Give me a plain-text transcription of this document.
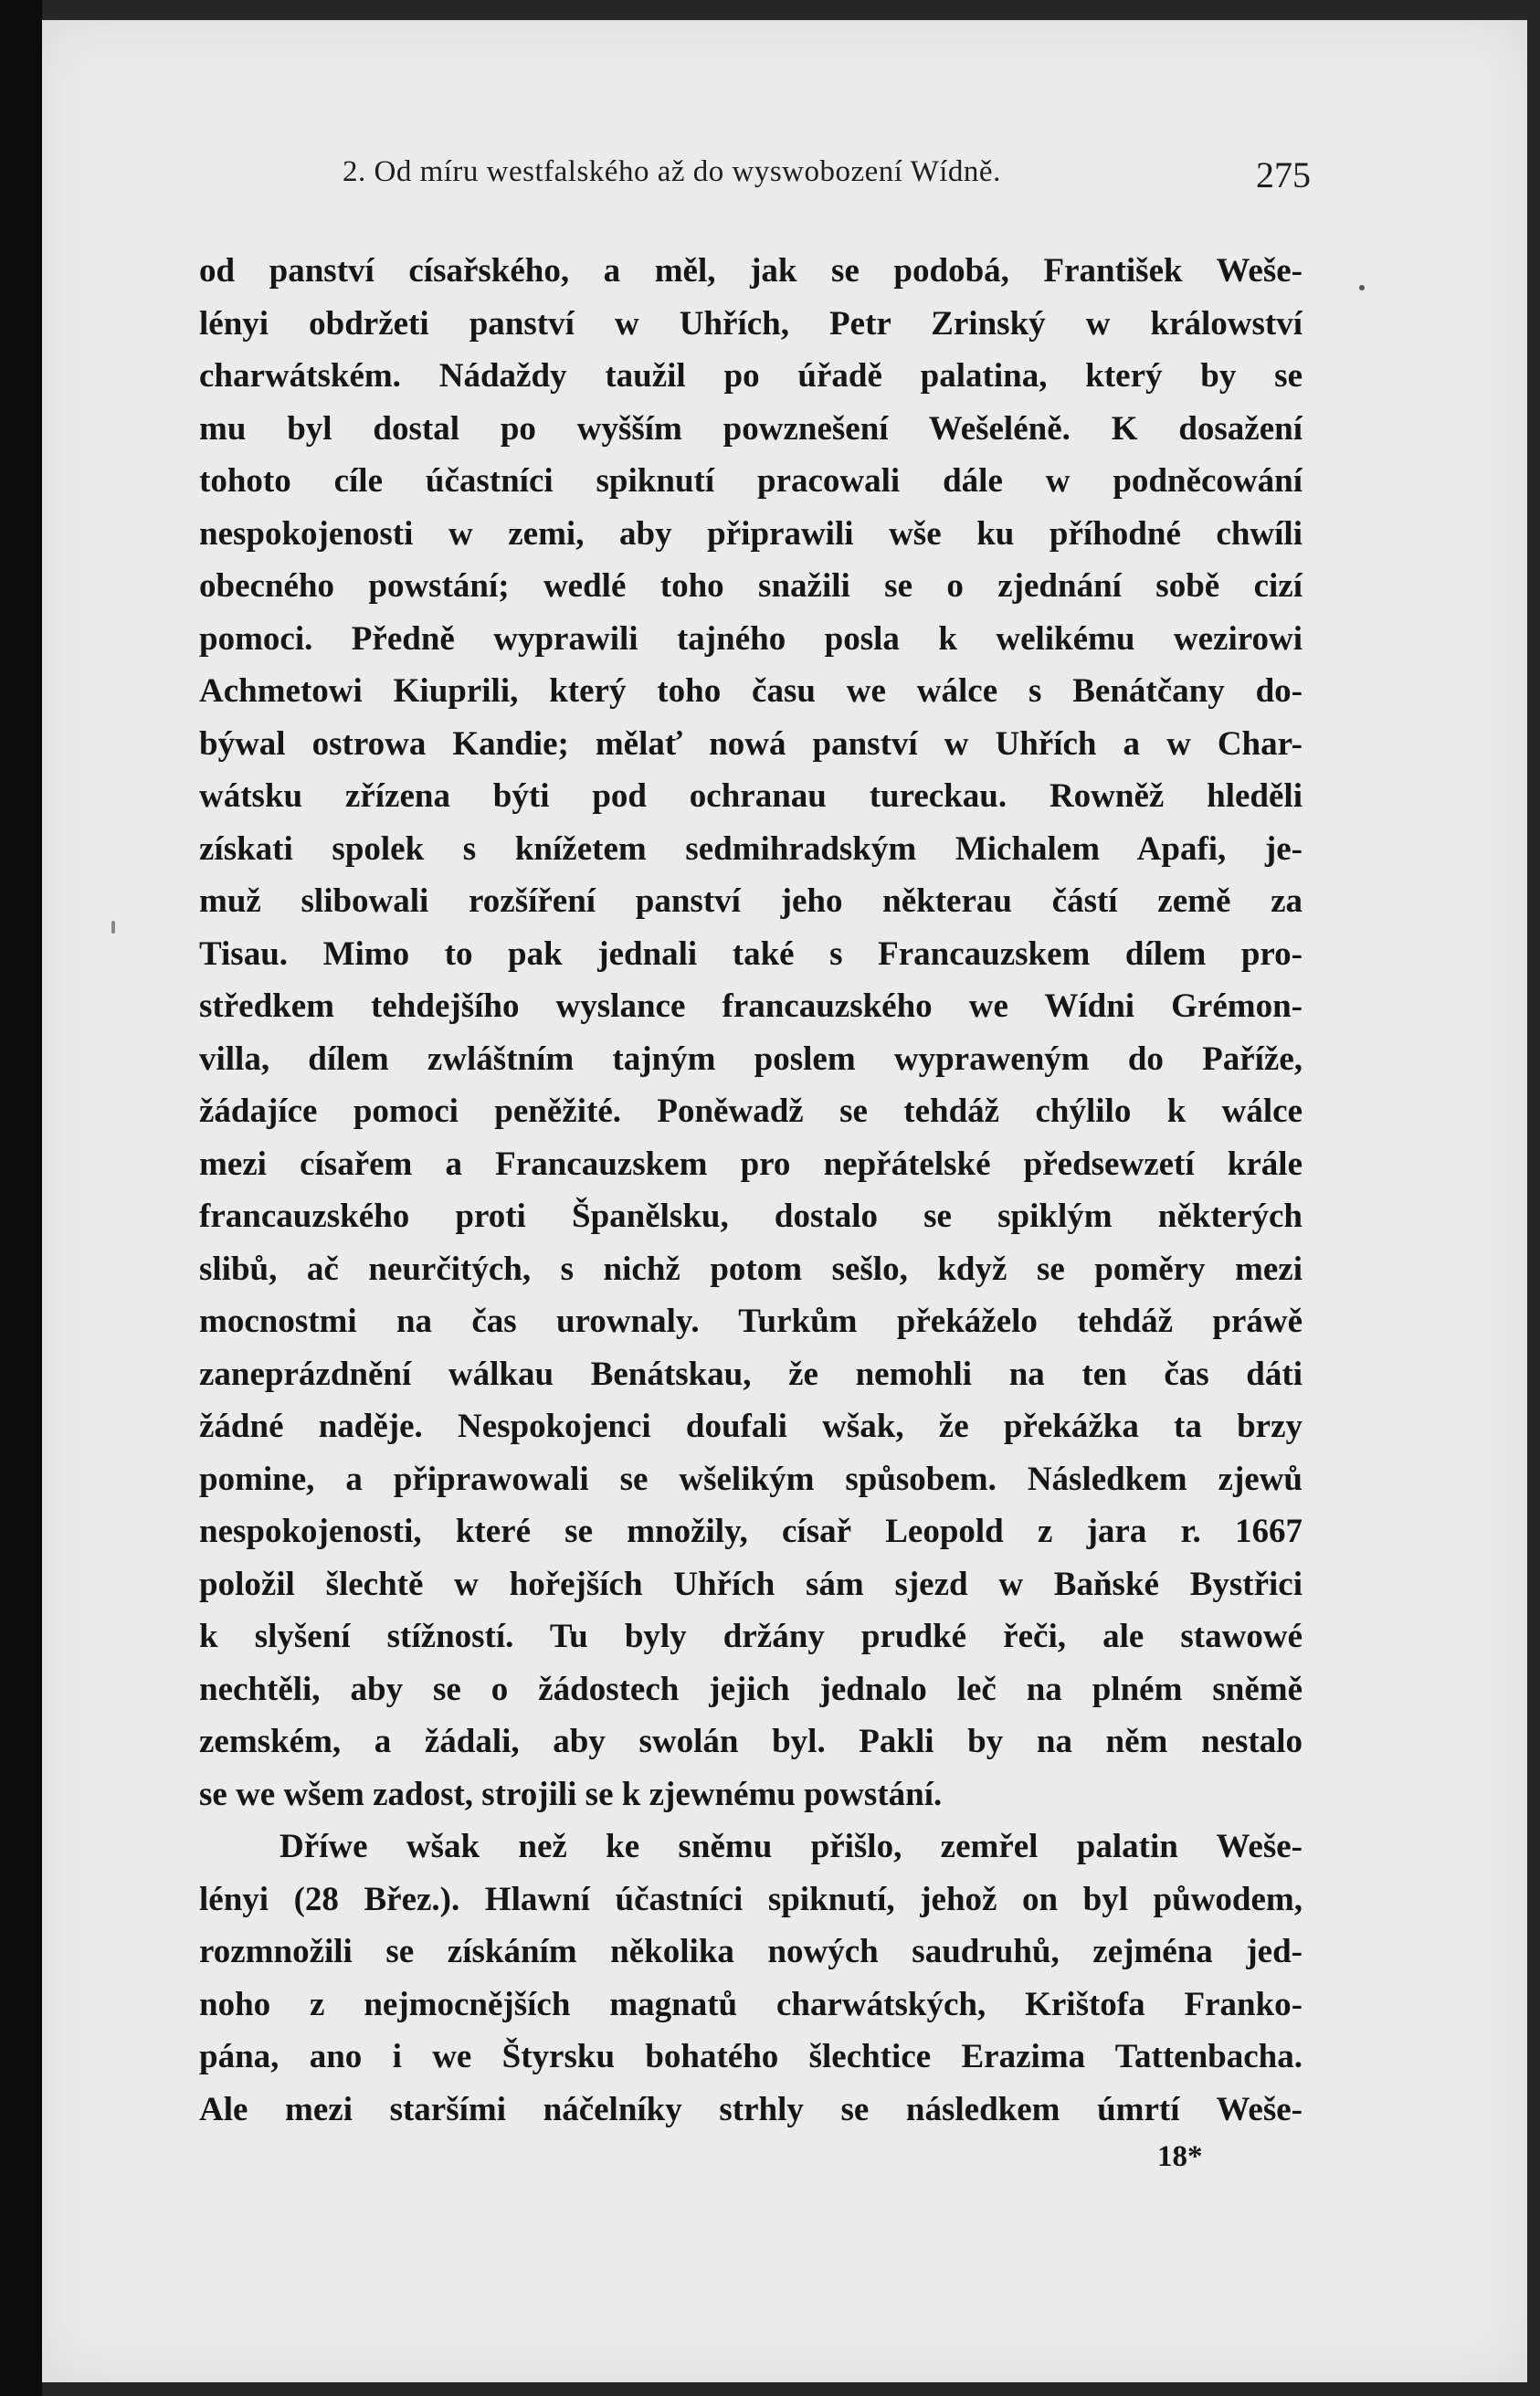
2. Od míru westfalského až do wyswobození Wídně.	275
od panství císařského, a měl, jak se podobá, František Weše-
lényi obdržeti panství w Uhřích, Petr Zrinský w králowství
charwátském. Nádaždy taužil po úřadě palatina, který by se
mu byl dostal po wyšším powznešení Wešeléně. K dosažení
tohoto cíle účastníci spiknutí pracowali dále w podněcowání
nespokojenosti w zemi, aby připrawili wše ku příhodné chwíli
obecného powstání; wedlé toho snažili se o zjednání sobě cizí
pomoci. Předně wyprawili tajného posla k welikému wezirowi
Achmetowi Kiuprili, který toho času we wálce s Benátčany do-
býwal ostrowa Kandie; mělať nowá panství w Uhřích a w Char-
wátsku zřízena býti pod ochranau tureckau. Rowněž hleděli
získati spolek s knížetem sedmihradským Michalem Apafi, je-
muž slibowali rozšíření panství jeho některau částí země za
Tisau. Mimo to pak jednali také s Francauzskem dílem pro-
středkem tehdejšího wyslance francauzského we Wídni Grémon-
villa, dílem zwláštním tajným poslem wyprawеným do Paříže,
žádajíce pomoci peněžité. Poněwadž se tehdáž chýlilo k wálce
mezi císařem a Francauzskem pro nepřátelské předsewzetí krále
francauzského proti Španělsku, dostalo se spiklým některých
slibů, ač neurčitých, s nichž potom sešlo, když se poměry mezi
mocnostmi na čas urownaly. Turkům překáželo tehdáž práwě
zaneprázdnění wálkau Benátskau, že nemohli na ten čas dáti
žádné naděje. Nespokojenci doufali wšak, že překážka ta brzy
pomine, a připrawowali se wšelikým spůsobem. Následkem zjewů
nespokojenosti, které se množily, císař Leopold z jara r. 1667
položil šlechtě w hořejších Uhřích sám sjezd w Baňské Bystřici
k slyšení stížností. Tu byly držány prudké řeči, ale stawowé
nechtěli, aby se o žádostech jejich jednalo leč na plném sněmě
zemském, a žádali, aby swolán byl. Pakli by na něm nestalo
se we wšem zadost, strojili se k zjewnému powstání.
Dříwe wšak než ke sněmu přišlo, zemřel palatin Weše-
lényi (28 Břez.). Hlawní účastníci spiknutí, jehož on byl půwodem,
rozmnožili se získáním několika nowých saudruhů, zejména jed-
noho z nejmocnějších magnatů charwátských, Krištofa Franko-
pána, ano i we Štyrsku bohatého šlechtice Erazima Tattenbacha.
Ale mezi staršími náčelníky strhly se následkem úmrtí Weše-
18*
